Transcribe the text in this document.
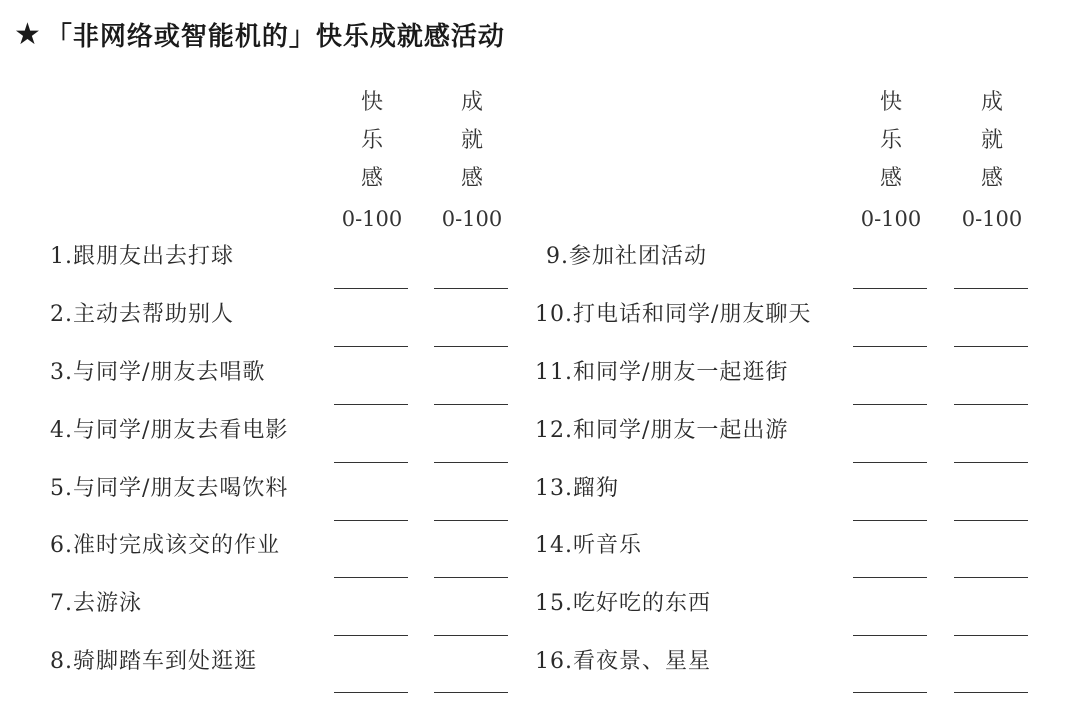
★ 「非网络或智能机的」快乐成就感活动
快
乐
感
0-100
成
就
感
0-100
快
乐
感
0-100
成
就
感
0-100
1.跟朋友出去打球
2.主动去帮助别人
3.与同学/朋友去唱歌
4.与同学/朋友去看电影
5.与同学/朋友去喝饮料
6.准时完成该交的作业
7.去游泳
8.骑脚踏车到处逛逛
9.参加社团活动
10.打电话和同学/朋友聊天
11.和同学/朋友一起逛街
12.和同学/朋友一起出游
13.蹓狗
14.听音乐
15.吃好吃的东西
16.看夜景、星星
